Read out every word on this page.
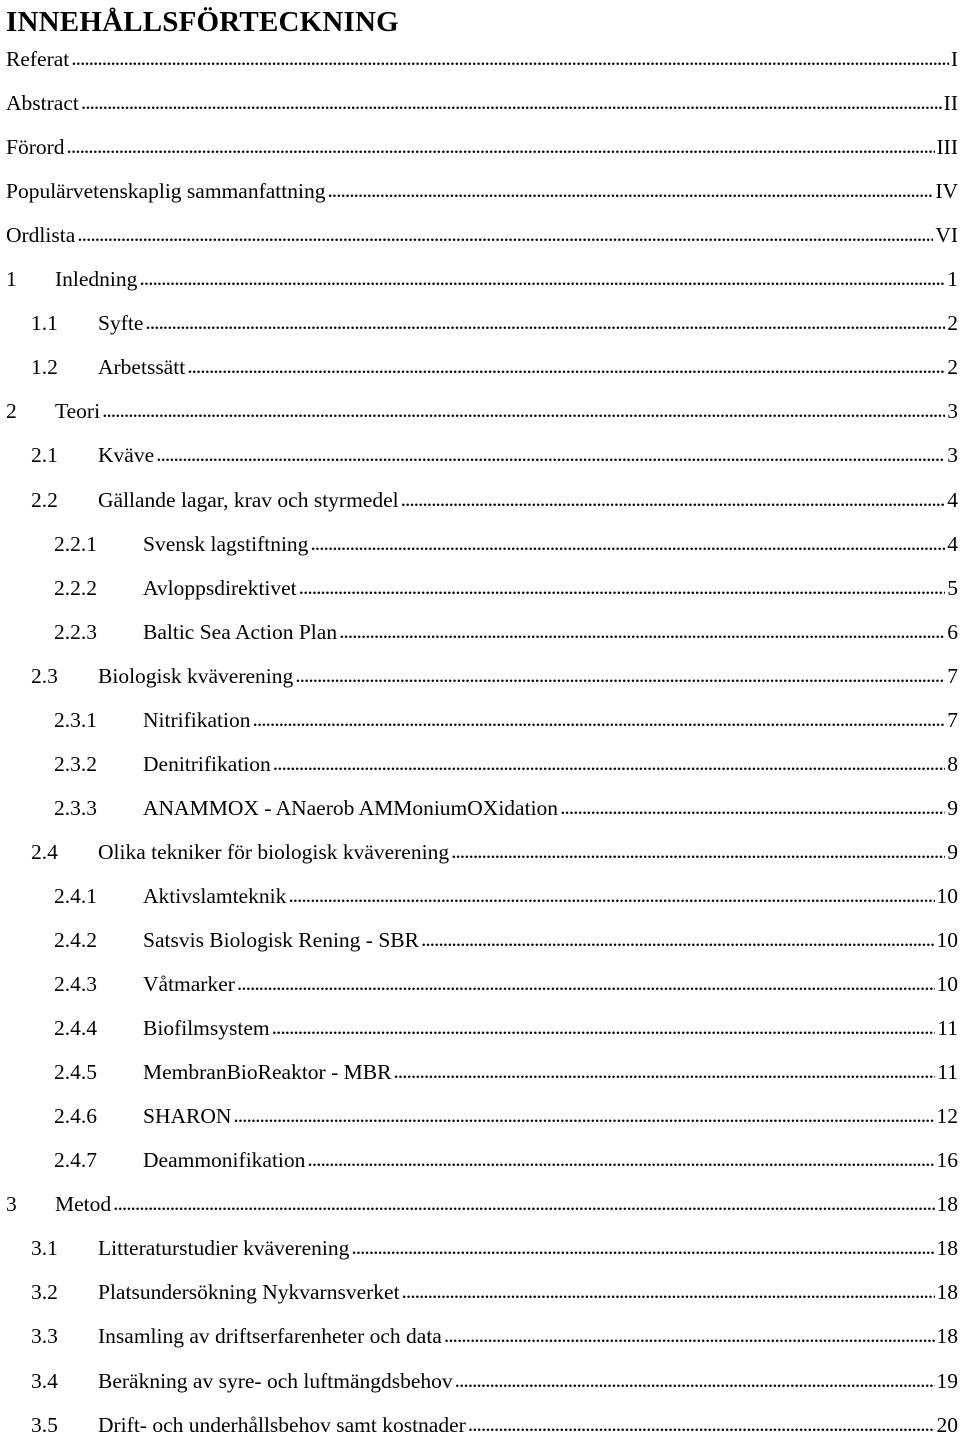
INNEHÅLLSFÖRTECKNING
Referat . . .	I
Abstract . . .	II
Förord . . .	III
Populärvetenskaplig sammanfattning . . .	IV
Ordlista . . .	VI
1	Inledning . . .	1
1.1	Syfte . . .	2
1.2	Arbetssätt . . .	2
2	Teori . . .	3
2.1	Kväve . . .	3
2.2	Gällande lagar, krav och styrmedel . . .	4
2.2.1	Svensk lagstiftning . . .	4
2.2.2	Avloppsdirektivet . . .	5
2.2.3	Baltic Sea Action Plan . . .	6
2.3	Biologisk kväverening . . .	7
2.3.1	Nitrifikation . . .	7
2.3.2	Denitrifikation . . .	8
2.3.3	ANAMMOX - ANaerob AMMoniumOXidation . . .	9
2.4	Olika tekniker för biologisk kväverening . . .	9
2.4.1	Aktivslamteknik . . .	10
2.4.2	Satsvis Biologisk Rening - SBR . . .	10
2.4.3	Våtmarker . . .	10
2.4.4	Biofilmsystem . . .	11
2.4.5	MembranBioReaktor - MBR . . .	11
2.4.6	SHARON . . .	12
2.4.7	Deammonifikation . . .	16
3	Metod . . .	18
3.1	Litteraturstudier kväverening . . .	18
3.2	Platsundersökning Nykvarnsverket . . .	18
3.3	Insamling av driftserfarenheter och data . . .	18
3.4	Beräkning av syre- och luftmängdsbehov . . .	19
3.5	Drift- och underhållsbehov samt kostnader . . .	20
